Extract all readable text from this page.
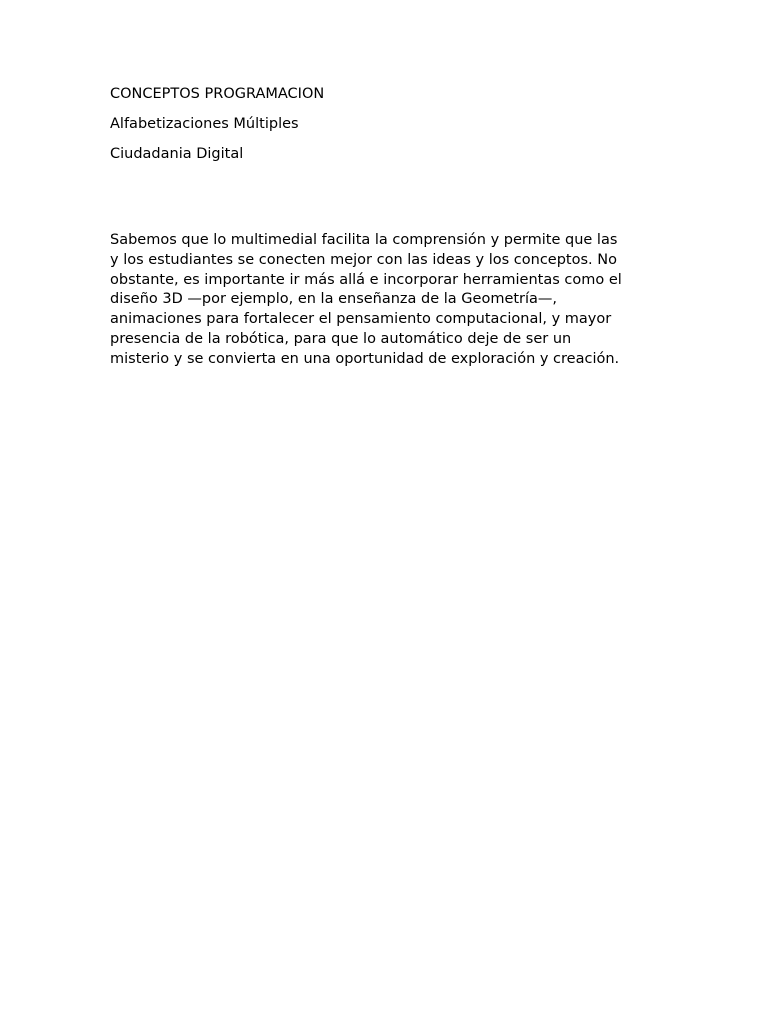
CONCEPTOS PROGRAMACION
Alfabetizaciones Múltiples
Ciudadania Digital
Sabemos que lo multimedial facilita la comprensión y permite que las
y los estudiantes se conecten mejor con las ideas y los conceptos. No
obstante, es importante ir más allá e incorporar herramientas como el
diseño 3D —por ejemplo, en la enseñanza de la Geometría—,
animaciones para fortalecer el pensamiento computacional, y mayor
presencia de la robótica, para que lo automático deje de ser un
misterio y se convierta en una oportunidad de exploración y creación.
